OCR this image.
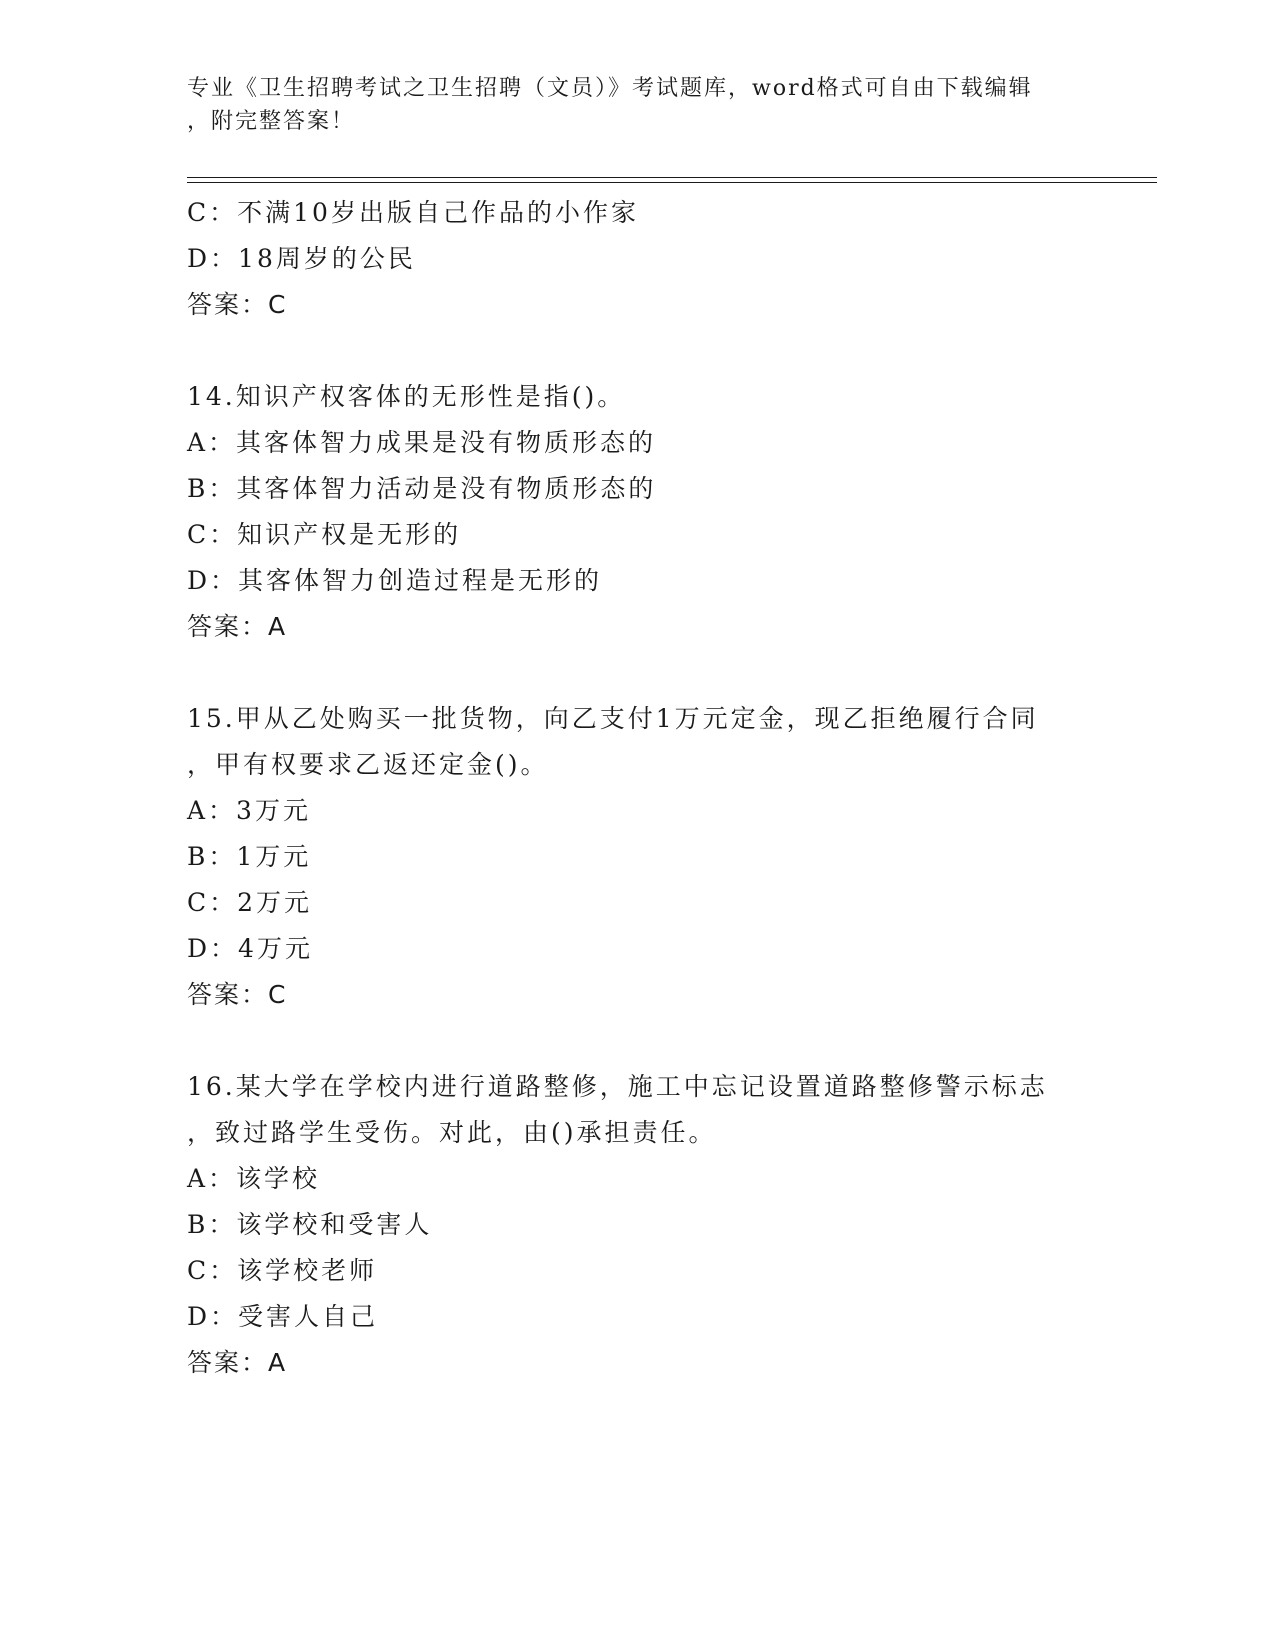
专业《卫生招聘考试之卫生招聘（文员）》考试题库，word格式可自由下载编辑
，附完整答案！
C：不满10岁出版自己作品的小作家
D：18周岁的公民
答案：C
14.知识产权客体的无形性是指()。
A：其客体智力成果是没有物质形态的
B：其客体智力活动是没有物质形态的
C：知识产权是无形的
D：其客体智力创造过程是无形的
答案：A
15.甲从乙处购买一批货物，向乙支付1万元定金，现乙拒绝履行合同
，甲有权要求乙返还定金()。
A：3万元
B：1万元
C：2万元
D：4万元
答案：C
16.某大学在学校内进行道路整修，施工中忘记设置道路整修警示标志
，致过路学生受伤。对此，由()承担责任。
A：该学校
B：该学校和受害人
C：该学校老师
D：受害人自己
答案：A
